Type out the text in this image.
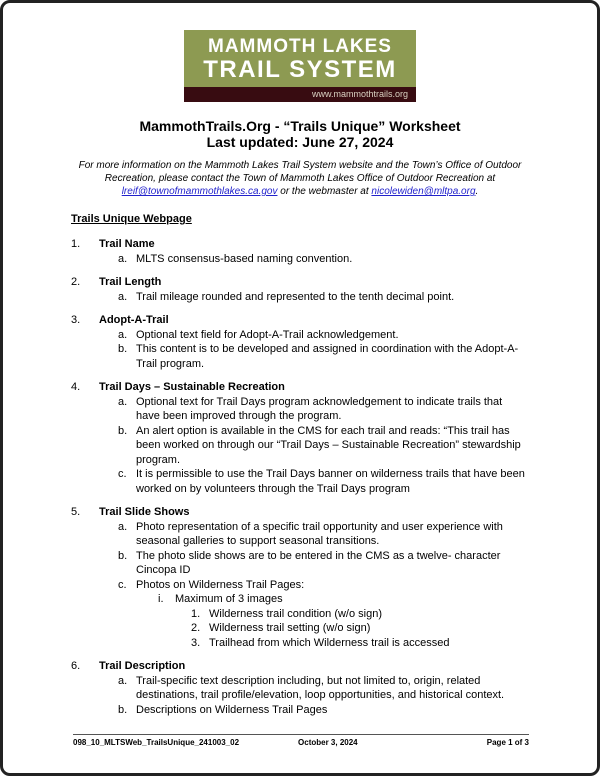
MAMMOTH LAKES
TRAIL SYSTEM
www.mammothtrails.org
MammothTrails.Org - “Trails Unique” Worksheet
Last updated: June 27, 2024

For more information on the Mammoth Lakes Trail System website and the Town’s Office of Outdoor Recreation, please contact the Town of Mammoth Lakes Office of Outdoor Recreation at lreif@townofmammothlakes.ca.gov or the webmaster at nicolewiden@mltpa.org.

Trails Unique Webpage
1.	Trail Name
a. MLTS consensus-based naming convention.
2.	Trail Length
a. Trail mileage rounded and represented to the tenth decimal point.
3.	Adopt-A-Trail
a. Optional text field for Adopt-A-Trail acknowledgement.
b. This content is to be developed and assigned in coordination with the Adopt-A-Trail program.
4.	Trail Days – Sustainable Recreation
a. Optional text for Trail Days program acknowledgement to indicate trails that have been improved through the program.
b. An alert option is available in the CMS for each trail and reads: “This trail has been worked on through our “Trail Days – Sustainable Recreation” stewardship program.
c. It is permissible to use the Trail Days banner on wilderness trails that have been worked on by volunteers through the Trail Days program
5.	Trail Slide Shows
a. Photo representation of a specific trail opportunity and user experience with seasonal galleries to support seasonal transitions.
b. The photo slide shows are to be entered in the CMS as a twelve- character Cincopa ID
c. Photos on Wilderness Trail Pages:
i.	Maximum of 3 images
1. Wilderness trail condition (w/o sign)
2. Wilderness trail setting (w/o sign)
3. Trailhead from which Wilderness trail is accessed
6.	Trail Description
a. Trail-specific text description including, but not limited to, origin, related destinations, trail profile/elevation, loop opportunities, and historical context.
b. Descriptions on Wilderness Trail Pages
098_10_MLTSWeb_TrailsUnique_241003_02	October 3, 2024	Page 1 of 3
